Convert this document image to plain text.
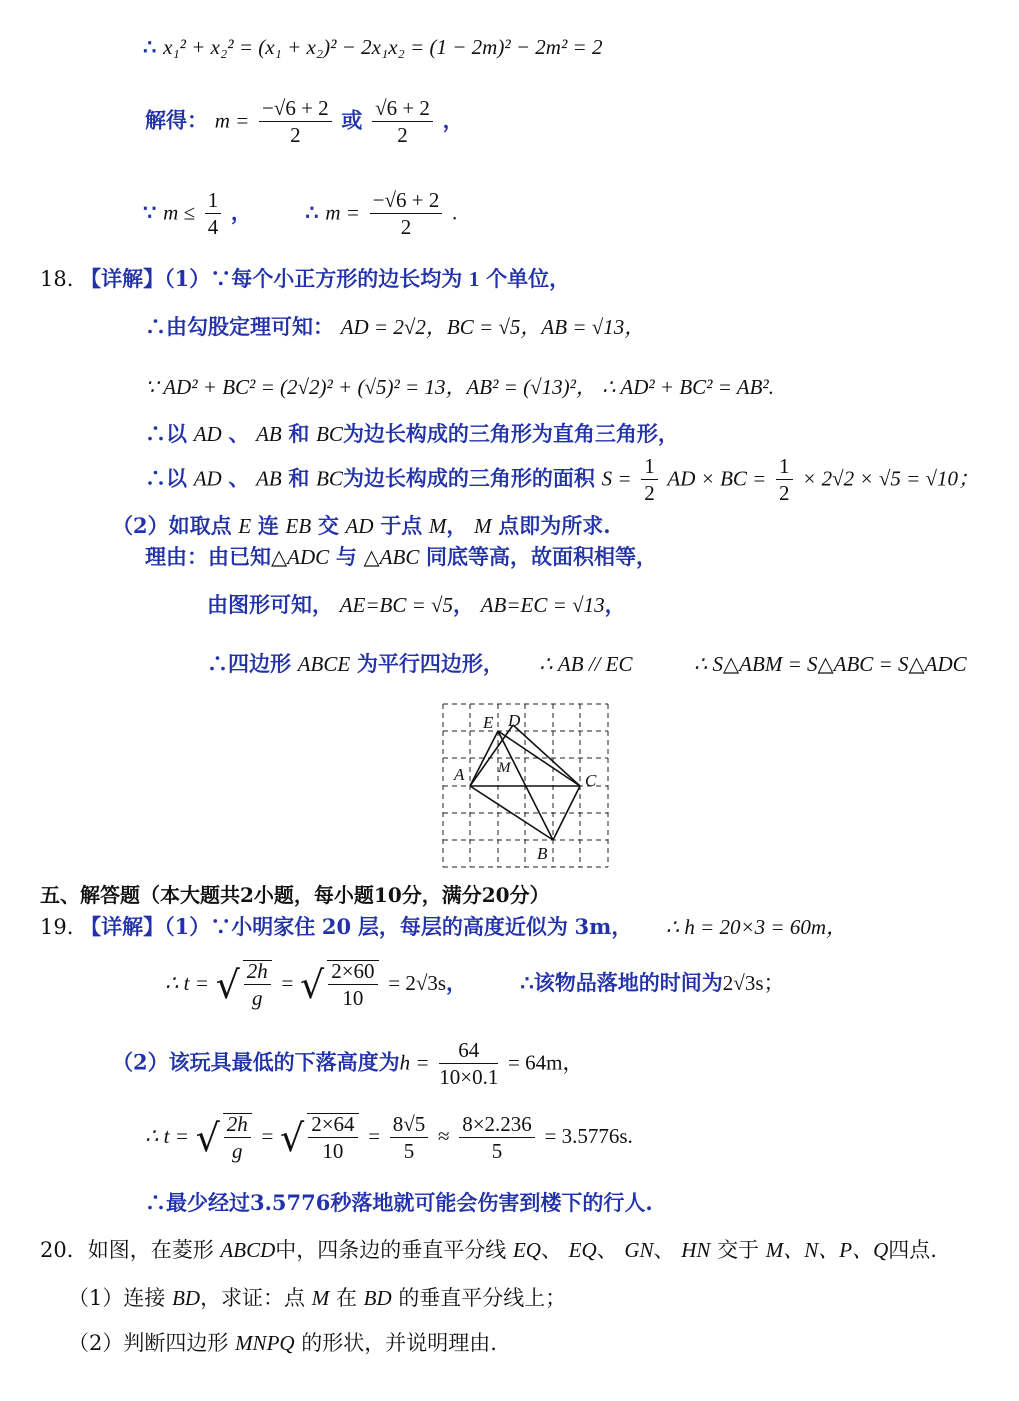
∴ x₁² + x₂² = (x₁ + x₂)² − 2x₁x₂ = (1 − 2m)² − 2m² = 2
解得： $m = \frac{-√6 + 2}{2}$ 或 $\frac{√6 + 2}{2}$ ，
∵ $m \le \frac{1}{4}$ ，	∴ $m = \frac{-√6 + 2}{2}$ .
18. 【详解】（1）∵每个小正方形的边长均为 1 个单位，
∴由勾股定理可知： AD = 2√2，BC = √5，AB = √13，
∵ AD² + BC² = (2√2)² + (√5)² = 13，AB² = (√13)²， ∴ AD² + BC² = AB².
∴以 AD 、 AB 和 BC为边长构成的三角形为直角三角形，
∴以 AD 、 AB 和 BC为边长构成的三角形的面积 $S = \frac{1}{2}$ AD × BC = $\frac{1}{2} \times 2√2 \times √5 = √10$；
（2）如取点 E 连 EB 交 AD 于点 M， M 点即为所求.
理由：由已知△ADC 与 △ABC 同底等高，故面积相等，
由图形可知， AE=BC = √5， AB=EC = √13，
∴四边形 ABCE 为平行四边形， ∴ AB // EC	∴ S△ABM = S△ABC = S△ADC
E D
A M
C
B
五、解答题（本大题共2小题，每小题10分，满分20分）
19. 【详解】（1）∵小明家住 20 层，每层的高度近似为 3m， ∴ h = 20×3 = 60m，
∴ t = √ $\frac{2h}{g}$ = √ $\frac{2\times 60}{10} = 2√3s$，	∴该物品落地的时间为2√3s；
（2）该玩具最低的下落高度为$h = \frac{64}{10\times 0.1} = 64m$，
∴ t = √ $\frac{2h}{g}$ = √ $\frac{2\times 64}{10} = \frac{8√5}{5} \approx \frac{8\times 2.236}{5} = 3.5776s$.
∴最少经过3.5776秒落地就可能会伤害到楼下的行人.
20．如图，在菱形 ABCD中，四条边的垂直平分线 EQ、 EQ、 GN、 HN 交于 M、N、P、Q四点.
（1）连接 BD，求证：点 M 在 BD 的垂直平分线上；
（2）判断四边形 MNPQ 的形状，并说明理由.
